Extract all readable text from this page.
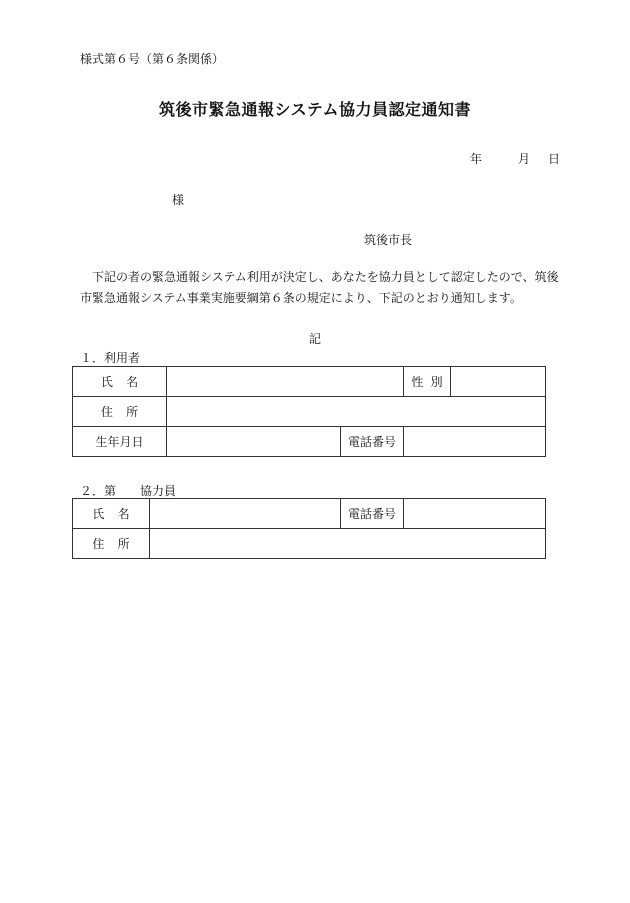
様式第６号（第６条関係）
筑後市緊急通報システム協力員認定通知書
年	月	日
様
筑後市長
下記の者の緊急通報システム利用が決定し、あなたを協力員として認定したので、筑後
市緊急通報システム事業実施要綱第６条の規定により、下記のとおり通知します。
記
１．利用者
氏名			性別	
住所				
生年月日		電話番号		
２．第　　協力員
氏名		電話番号	
住所			
